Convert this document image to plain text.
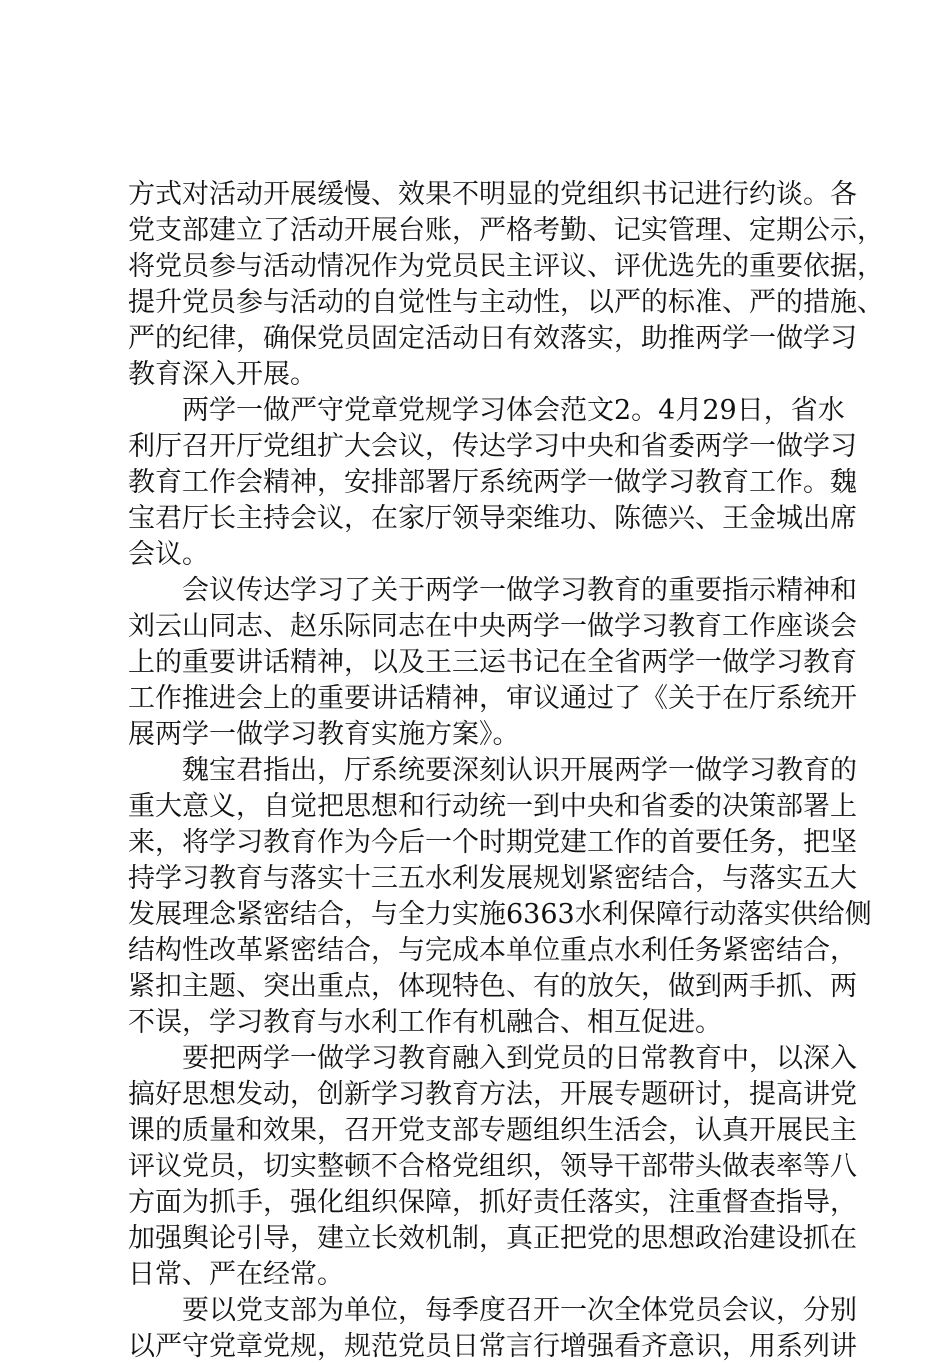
方式对活动开展缓慢、效果不明显的党组织书记进行约谈。各
党支部建立了活动开展台账，严格考勤、记实管理、定期公示，
将党员参与活动情况作为党员民主评议、评优选先的重要依据，
提升党员参与活动的自觉性与主动性，以严的标准、严的措施、
严的纪律，确保党员固定活动日有效落实，助推两学一做学习
教育深入开展。
两学一做严守党章党规学习体会范文2。4月29日，省水
利厅召开厅党组扩大会议，传达学习中央和省委两学一做学习
教育工作会精神，安排部署厅系统两学一做学习教育工作。魏
宝君厅长主持会议，在家厅领导栾维功、陈德兴、王金城出席
会议。
会议传达学习了关于两学一做学习教育的重要指示精神和
刘云山同志、赵乐际同志在中央两学一做学习教育工作座谈会
上的重要讲话精神，以及王三运书记在全省两学一做学习教育
工作推进会上的重要讲话精神，审议通过了《关于在厅系统开
展两学一做学习教育实施方案》。
魏宝君指出，厅系统要深刻认识开展两学一做学习教育的
重大意义，自觉把思想和行动统一到中央和省委的决策部署上
来，将学习教育作为今后一个时期党建工作的首要任务，把坚
持学习教育与落实十三五水利发展规划紧密结合，与落实五大
发展理念紧密结合，与全力实施6363水利保障行动落实供给侧
结构性改革紧密结合，与完成本单位重点水利任务紧密结合，
紧扣主题、突出重点，体现特色、有的放矢，做到两手抓、两
不误，学习教育与水利工作有机融合、相互促进。
要把两学一做学习教育融入到党员的日常教育中，以深入
搞好思想发动，创新学习教育方法，开展专题研讨，提高讲党
课的质量和效果，召开党支部专题组织生活会，认真开展民主
评议党员，切实整顿不合格党组织，领导干部带头做表率等八
方面为抓手，强化组织保障，抓好责任落实，注重督查指导，
加强舆论引导，建立长效机制，真正把党的思想政治建设抓在
日常、严在经常。
要以党支部为单位，每季度召开一次全体党员会议，分别
以严守党章党规，规范党员日常言行增强看齐意识，用系列讲
